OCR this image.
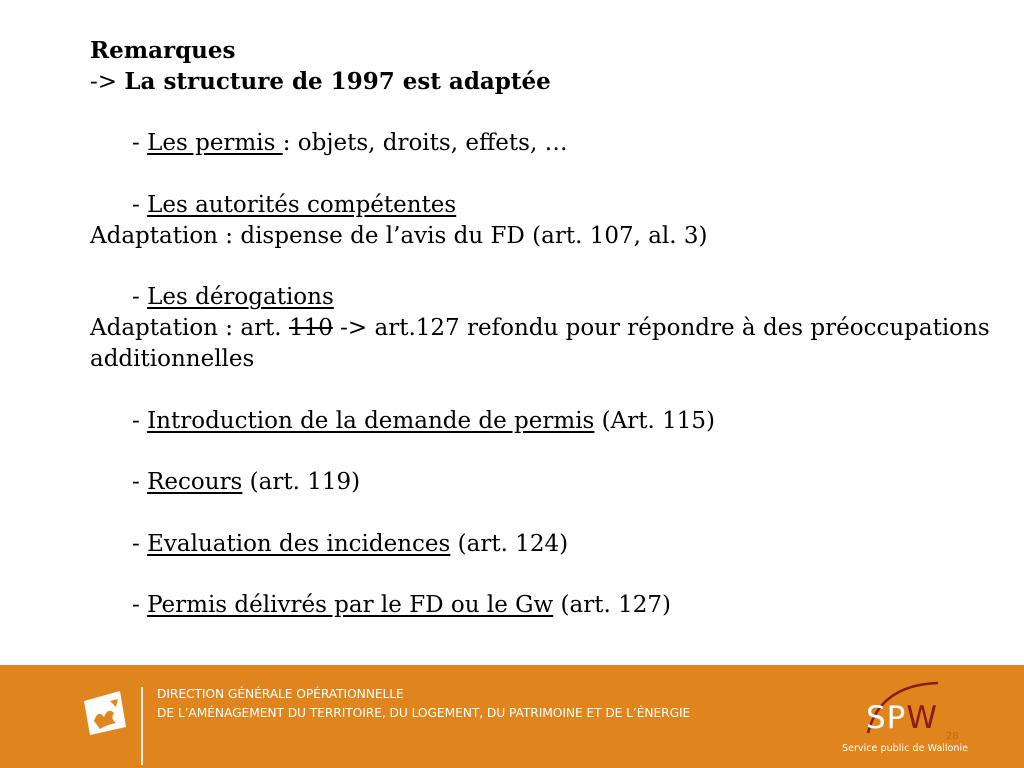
Remarques

-> La structure de 1997 est adaptée

- Les permis : objets, droits, effets, …

- Les autorités compétentes

Adaptation : dispense de l’avis du FD (art. 107, al. 3)

- Les dérogations

Adaptation : art. 110 -> art.127 refondu pour répondre à des préoccupations additionnelles

- Introduction de la demande de permis (Art. 115)

- Recours (art. 119)

- Evaluation des incidences (art. 124)

- Permis délivrés par le FD ou le Gw (art. 127)

DIRECTION GÉNÉRALE OPÉRATIONNELLE
DE L’AMÉNAGEMENT DU TERRITOIRE, DU LOGEMENT, DU PATRIMOINE ET DE L’ÉNERGIE	SPW
28
Service public de Wallonie
